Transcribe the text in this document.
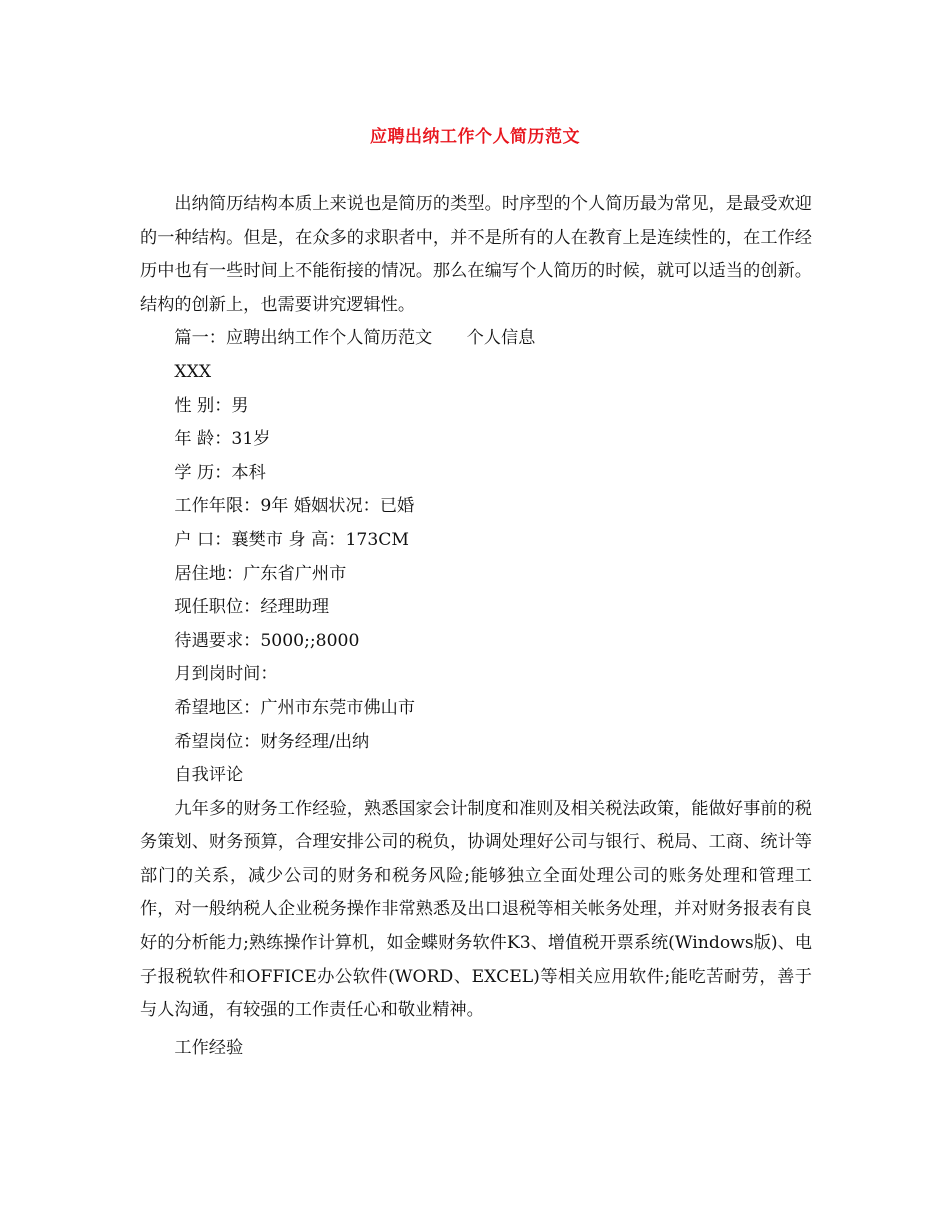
应聘出纳工作个人简历范文

出纳简历结构本质上来说也是简历的类型。时序型的个人简历最为常见，是最受欢迎的一种结构。但是，在众多的求职者中，并不是所有的人在教育上是连续性的，在工作经历中也有一些时间上不能衔接的情况。那么在编写个人简历的时候，就可以适当的创新。结构的创新上，也需要讲究逻辑性。

篇一：应聘出纳工作个人简历范文　　个人信息

XXX

性 别：男

年 龄：31岁

学 历：本科

工作年限：9年 婚姻状况：已婚

户 口：襄樊市 身 高：173CM

居住地：广东省广州市

现任职位：经理助理

待遇要求：5000;;8000

月到岗时间：

希望地区：广州市东莞市佛山市

希望岗位：财务经理/出纳

自我评论

九年多的财务工作经验，熟悉国家会计制度和准则及相关税法政策，能做好事前的税务策划、财务预算，合理安排公司的税负，协调处理好公司与银行、税局、工商、统计等部门的关系，减少公司的财务和税务风险;能够独立全面处理公司的账务处理和管理工作，对一般纳税人企业税务操作非常熟悉及出口退税等相关帐务处理，并对财务报表有良好的分析能力;熟练操作计算机，如金蝶财务软件K3、增值税开票系统(Windows版)、电子报税软件和OFFICE办公软件(WORD、EXCEL)等相关应用软件;能吃苦耐劳，善于与人沟通，有较强的工作责任心和敬业精神。

工作经验
